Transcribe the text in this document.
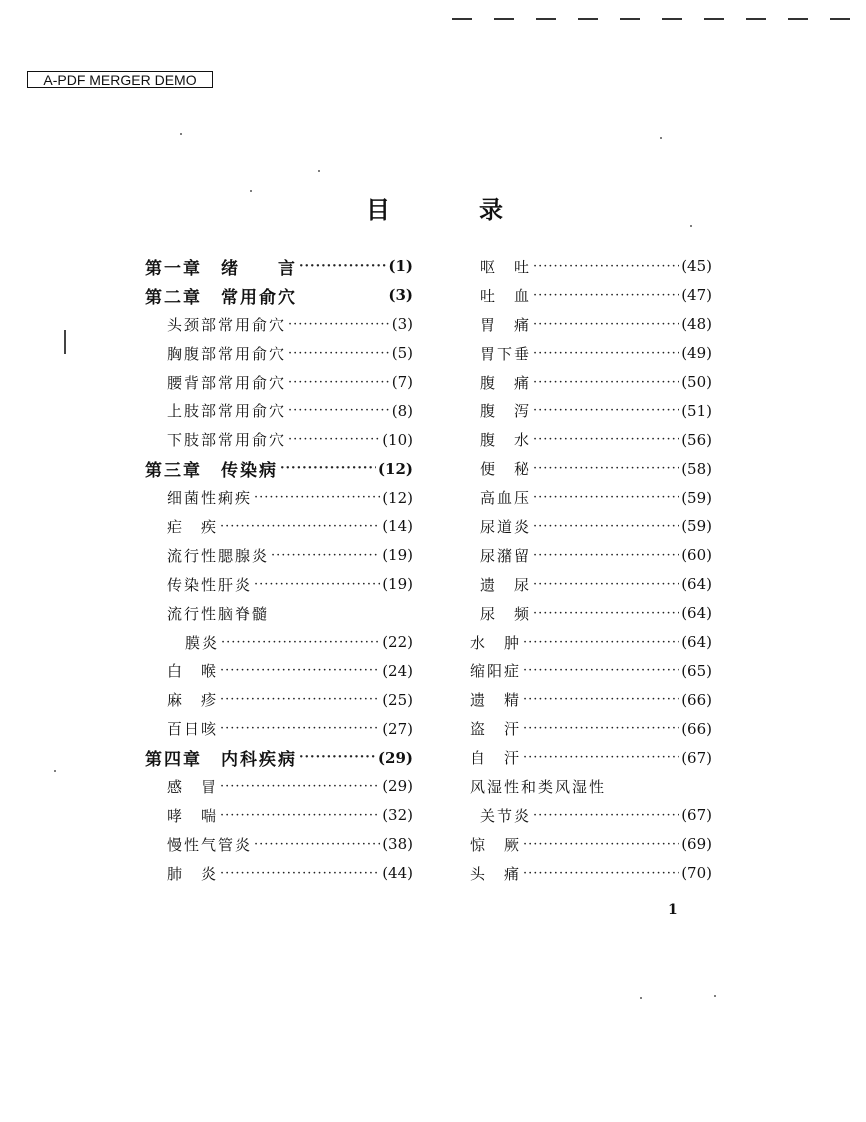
A-PDF MERGER DEMO
目	录
第一章　绪　　言 ·····	(1)
第二章　常用俞穴	(3)
头颈部常用俞穴 ·····	(3)
胸腹部常用俞穴 ·····	(5)
腰背部常用俞穴 ·····	(7)
上肢部常用俞穴 ·····	(8)
下肢部常用俞穴 ·····	(10)
第三章　传染病 ·····	(12)
细菌性痢疾 ·····	(12)
疟　疾 ·····	(14)
流行性腮腺炎 ·····	(19)
传染性肝炎 ·····	(19)
流行性脑脊髓
膜炎 ·····	(22)
白　喉 ·····	(24)
麻　疹 ·····	(25)
百日咳 ·····	(27)
第四章　内科疾病 ·····	(29)
感　冒 ·····	(29)
哮　喘 ·····	(32)
慢性气管炎 ·····	(38)
肺　炎 ·····	(44)
呕　吐 ·····	(45)
吐　血 ·····	(47)
胃　痛 ·····	(48)
胃下垂 ·····	(49)
腹　痛 ·····	(50)
腹　泻 ·····	(51)
腹　水 ·····	(56)
便　秘 ·····	(58)
高血压 ·····	(59)
尿道炎 ·····	(59)
尿潴留 ·····	(60)
遗　尿 ·····	(64)
尿　频 ·····	(64)
水　肿 ·····	(64)
缩阳症 ·····	(65)
遗　精 ·····	(66)
盗　汗 ·····	(66)
自　汗 ·····	(67)
风湿性和类风湿性
关节炎 ·····	(67)
惊　厥 ·····	(69)
头　痛 ·····	(70)
1
